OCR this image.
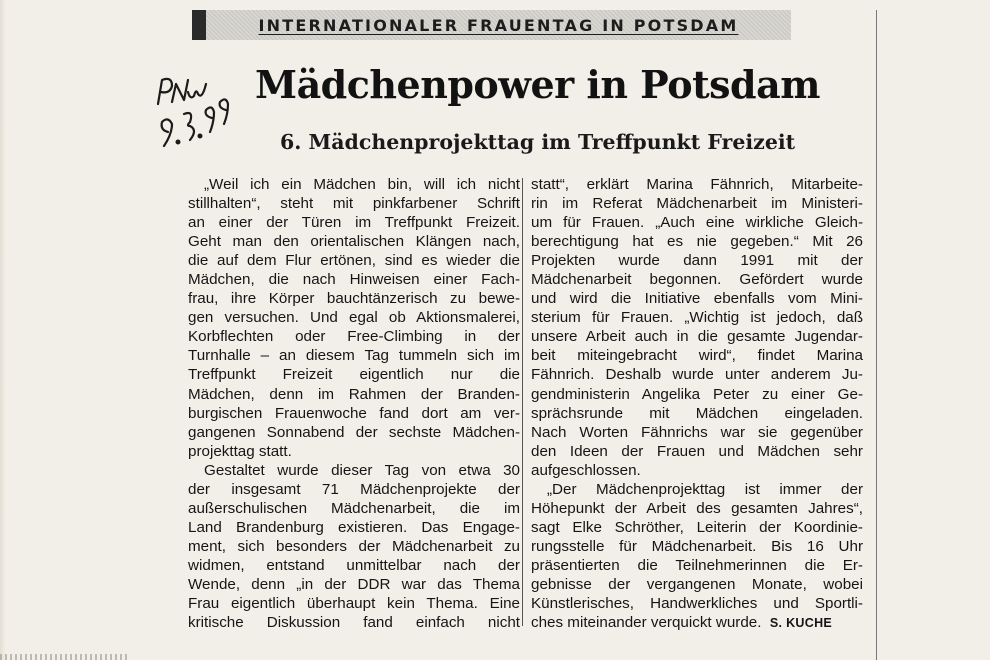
INTERNATIONALER FRAUENTAG IN POTSDAM
Mädchenpower in Potsdam
6. Mädchenprojekttag im Treffpunkt Freizeit

„Weil ich ein Mädchen bin, will ich nicht
stillhalten“, steht mit pinkfarbener Schrift
an einer der Türen im Treffpunkt Freizeit.
Geht man den orientalischen Klängen nach,
die auf dem Flur ertönen, sind es wieder die
Mädchen, die nach Hinweisen einer Fach-
frau, ihre Körper bauchtänzerisch zu bewe-
gen versuchen. Und egal ob Aktionsmalerei,
Korbflechten oder Free-Climbing in der
Turnhalle – an diesem Tag tummeln sich im
Treffpunkt Freizeit eigentlich nur die
Mädchen, denn im Rahmen der Branden-
burgischen Frauenwoche fand dort am ver-
gangenen Sonnabend der sechste Mädchen-
projekttag statt.

Gestaltet wurde dieser Tag von etwa 30
der insgesamt 71 Mädchenprojekte der
außerschulischen Mädchenarbeit, die im
Land Brandenburg existieren. Das Engage-
ment, sich besonders der Mädchenarbeit zu
widmen, entstand unmittelbar nach der
Wende, denn „in der DDR war das Thema
Frau eigentlich überhaupt kein Thema. Eine
kritische Diskussion fand einfach nicht

statt“, erklärt Marina Fähnrich, Mitarbeite-
rin im Referat Mädchenarbeit im Ministeri-
um für Frauen. „Auch eine wirkliche Gleich-
berechtigung hat es nie gegeben.“ Mit 26
Projekten wurde dann 1991 mit der
Mädchenarbeit begonnen. Gefördert wurde
und wird die Initiative ebenfalls vom Mini-
sterium für Frauen. „Wichtig ist jedoch, daß
unsere Arbeit auch in die gesamte Jugendar-
beit miteingebracht wird“, findet Marina
Fähnrich. Deshalb wurde unter anderem Ju-
gendministerin Angelika Peter zu einer Ge-
sprächsrunde mit Mädchen eingeladen.
Nach Worten Fähnrichs war sie gegenüber
den Ideen der Frauen und Mädchen sehr
aufgeschlossen.

„Der Mädchenprojekttag ist immer der
Höhepunkt der Arbeit des gesamten Jahres“,
sagt Elke Schröther, Leiterin der Koordinie-
rungsstelle für Mädchenarbeit. Bis 16 Uhr
präsentierten die Teilnehmerinnen die Er-
gebnisse der vergangenen Monate, wobei
Künstlerisches, Handwerkliches und Sportli-
ches miteinander verquickt wurde. S. KUCHE
